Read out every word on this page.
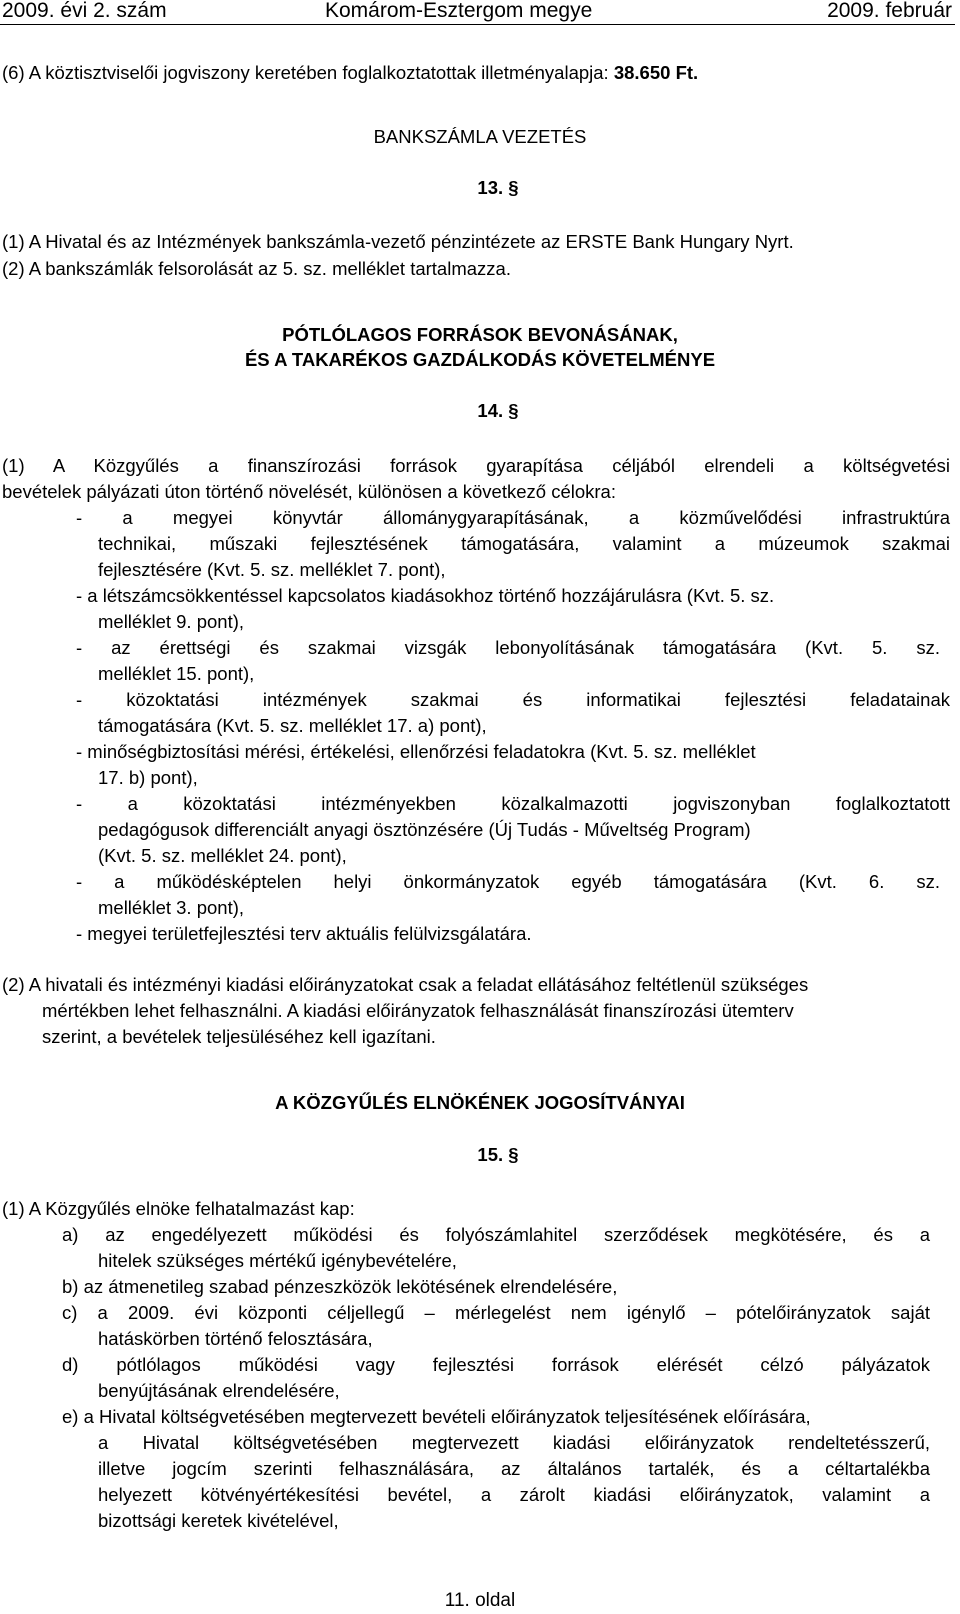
2009. évi 2. szám	Komárom-Esztergom megye	2009. február
(6) A köztisztviselői jogviszony keretében foglalkoztatottak illetményalapja: 38.650 Ft.
BANKSZÁMLA VEZETÉS
13. §
(1) A Hivatal és az Intézmények bankszámla-vezető pénzintézete az ERSTE Bank Hungary Nyrt.
(2) A bankszámlák felsorolását az 5. sz. melléklet tartalmazza.
PÓTLÓLAGOS FORRÁSOK BEVONÁSÁNAK,
ÉS A TAKARÉKOS GAZDÁLKODÁS KÖVETELMÉNYE
14. §
(1) A Közgyűlés a finanszírozási források gyarapítása céljából elrendeli a költségvetési
bevételek pályázati úton történő növelését, különösen a következő célokra:
- a megyei könyvtár állománygyarapításának, a közművelődési infrastruktúra
technikai, műszaki fejlesztésének támogatására, valamint a múzeumok szakmai
fejlesztésére (Kvt. 5. sz. melléklet 7. pont),
- a létszámcsökkentéssel kapcsolatos kiadásokhoz történő hozzájárulásra (Kvt. 5. sz.
melléklet 9. pont),
- az érettségi és szakmai vizsgák lebonyolításának támogatására (Kvt. 5. sz.
melléklet 15. pont),
- közoktatási intézmények szakmai és informatikai fejlesztési feladatainak
támogatására (Kvt. 5. sz. melléklet 17. a) pont),
- minőségbiztosítási mérési, értékelési, ellenőrzési feladatokra (Kvt. 5. sz. melléklet
17. b) pont),
- a közoktatási intézményekben közalkalmazotti jogviszonyban foglalkoztatott
pedagógusok differenciált anyagi ösztönzésére (Új Tudás - Műveltség Program)
(Kvt. 5. sz. melléklet 24. pont),
- a működésképtelen helyi önkormányzatok egyéb támogatására (Kvt. 6. sz.
melléklet 3. pont),
- megyei területfejlesztési terv aktuális felülvizsgálatára.
(2) A hivatali és intézményi kiadási előirányzatokat csak a feladat ellátásához feltétlenül szükséges
mértékben lehet felhasználni. A kiadási előirányzatok felhasználását finanszírozási ütemterv
szerint, a bevételek teljesüléséhez kell igazítani.
A KÖZGYŰLÉS ELNÖKÉNEK JOGOSÍTVÁNYAI
15. §
(1) A Közgyűlés elnöke felhatalmazást kap:
a) az engedélyezett működési és folyószámlahitel szerződések megkötésére, és a
hitelek szükséges mértékű igénybevételére,
b) az átmenetileg szabad pénzeszközök lekötésének elrendelésére,
c) a 2009. évi központi céljellegű – mérlegelést nem igénylő – pótelőirányzatok saját
hatáskörben történő felosztására,
d) pótlólagos működési vagy fejlesztési források elérését célzó pályázatok
benyújtásának elrendelésére,
e) a Hivatal költségvetésében megtervezett bevételi előirányzatok teljesítésének előírására,
a Hivatal költségvetésében megtervezett kiadási előirányzatok rendeltetésszerű,
illetve jogcím szerinti felhasználására, az általános tartalék, és a céltartalékba
helyezett kötvényértékesítési bevétel, a zárolt kiadási előirányzatok, valamint a
bizottsági keretek kivételével,
11. oldal
